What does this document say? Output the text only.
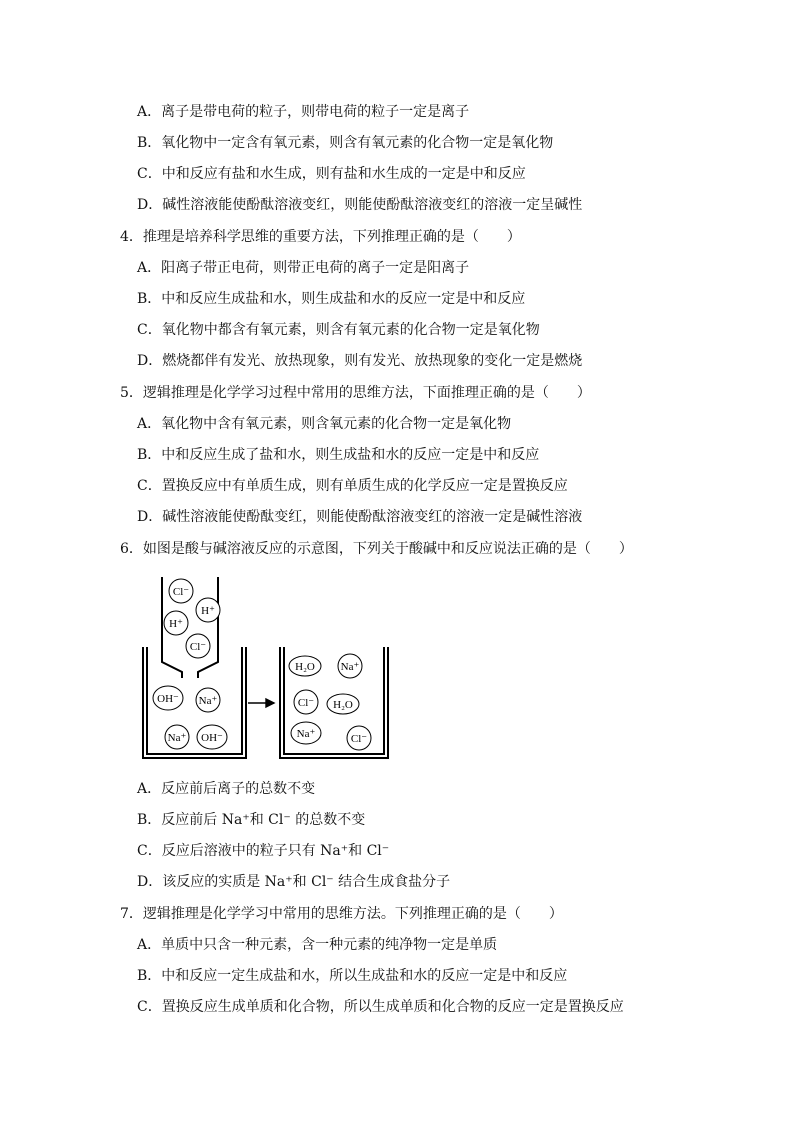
A．离子是带电荷的粒子，则带电荷的粒子一定是离子
B．氧化物中一定含有氧元素，则含有氧元素的化合物一定是氧化物
C．中和反应有盐和水生成，则有盐和水生成的一定是中和反应
D．碱性溶液能使酚酞溶液变红，则能使酚酞溶液变红的溶液一定呈碱性
4．推理是培养科学思维的重要方法，下列推理正确的是（　　）
A．阳离子带正电荷，则带正电荷的离子一定是阳离子
B．中和反应生成盐和水，则生成盐和水的反应一定是中和反应
C．氧化物中都含有氧元素，则含有氧元素的化合物一定是氧化物
D．燃烧都伴有发光、放热现象，则有发光、放热现象的变化一定是燃烧
5．逻辑推理是化学学习过程中常用的思维方法，下面推理正确的是（　　）
A．氧化物中含有氧元素，则含氧元素的化合物一定是氧化物
B．中和反应生成了盐和水，则生成盐和水的反应一定是中和反应
C．置换反应中有单质生成，则有单质生成的化学反应一定是置换反应
D．碱性溶液能使酚酞变红，则能使酚酞溶液变红的溶液一定是碱性溶液
6．如图是酸与碱溶液反应的示意图，下列关于酸碱中和反应说法正确的是（　　）
Cl⁻
H⁺
H⁺
Cl⁻
OH⁻ Na⁺
Na⁺ OH⁻
H₂O Na⁺
Cl⁻ H₂O
Na⁺	Cl⁻
A．反应前后离子的总数不变
B．反应前后 Na⁺和 Cl⁻ 的总数不变
C．反应后溶液中的粒子只有 Na⁺和 Cl⁻
D．该反应的实质是 Na⁺和 Cl⁻ 结合生成食盐分子
7．逻辑推理是化学学习中常用的思维方法。下列推理正确的是（　　）
A．单质中只含一种元素，含一种元素的纯净物一定是单质
B．中和反应一定生成盐和水，所以生成盐和水的反应一定是中和反应
C．置换反应生成单质和化合物，所以生成单质和化合物的反应一定是置换反应
